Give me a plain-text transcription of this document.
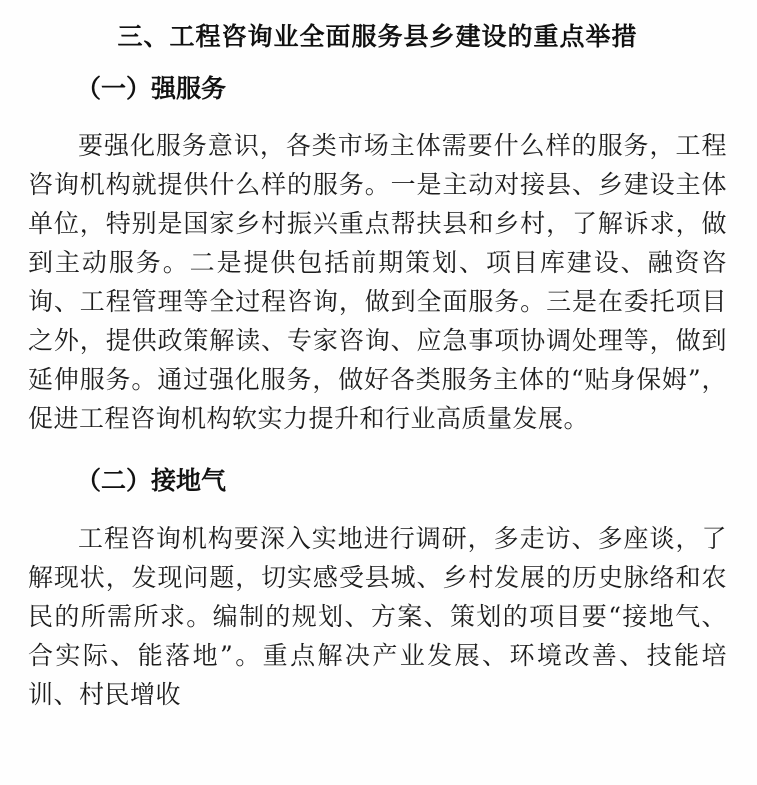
三、工程咨询业全面服务县乡建设的重点举措
（一）强服务

要强化服务意识，各类市场主体需要什么样的服务，工程咨询机构就提供什么样的服务。一是主动对接县、乡建设主体单位，特别是国家乡村振兴重点帮扶县和乡村，了解诉求，做到主动服务。二是提供包括前期策划、项目库建设、融资咨询、工程管理等全过程咨询，做到全面服务。三是在委托项目之外，提供政策解读、专家咨询、应急事项协调处理等，做到延伸服务。通过强化服务，做好各类服务主体的“贴身保姆”，促进工程咨询机构软实力提升和行业高质量发展。

（二）接地气

工程咨询机构要深入实地进行调研，多走访、多座谈，了解现状，发现问题，切实感受县城、乡村发展的历史脉络和农民的所需所求。编制的规划、方案、策划的项目要“接地气、合实际、能落地”。重点解决产业发展、环境改善、技能培训、村民增收
